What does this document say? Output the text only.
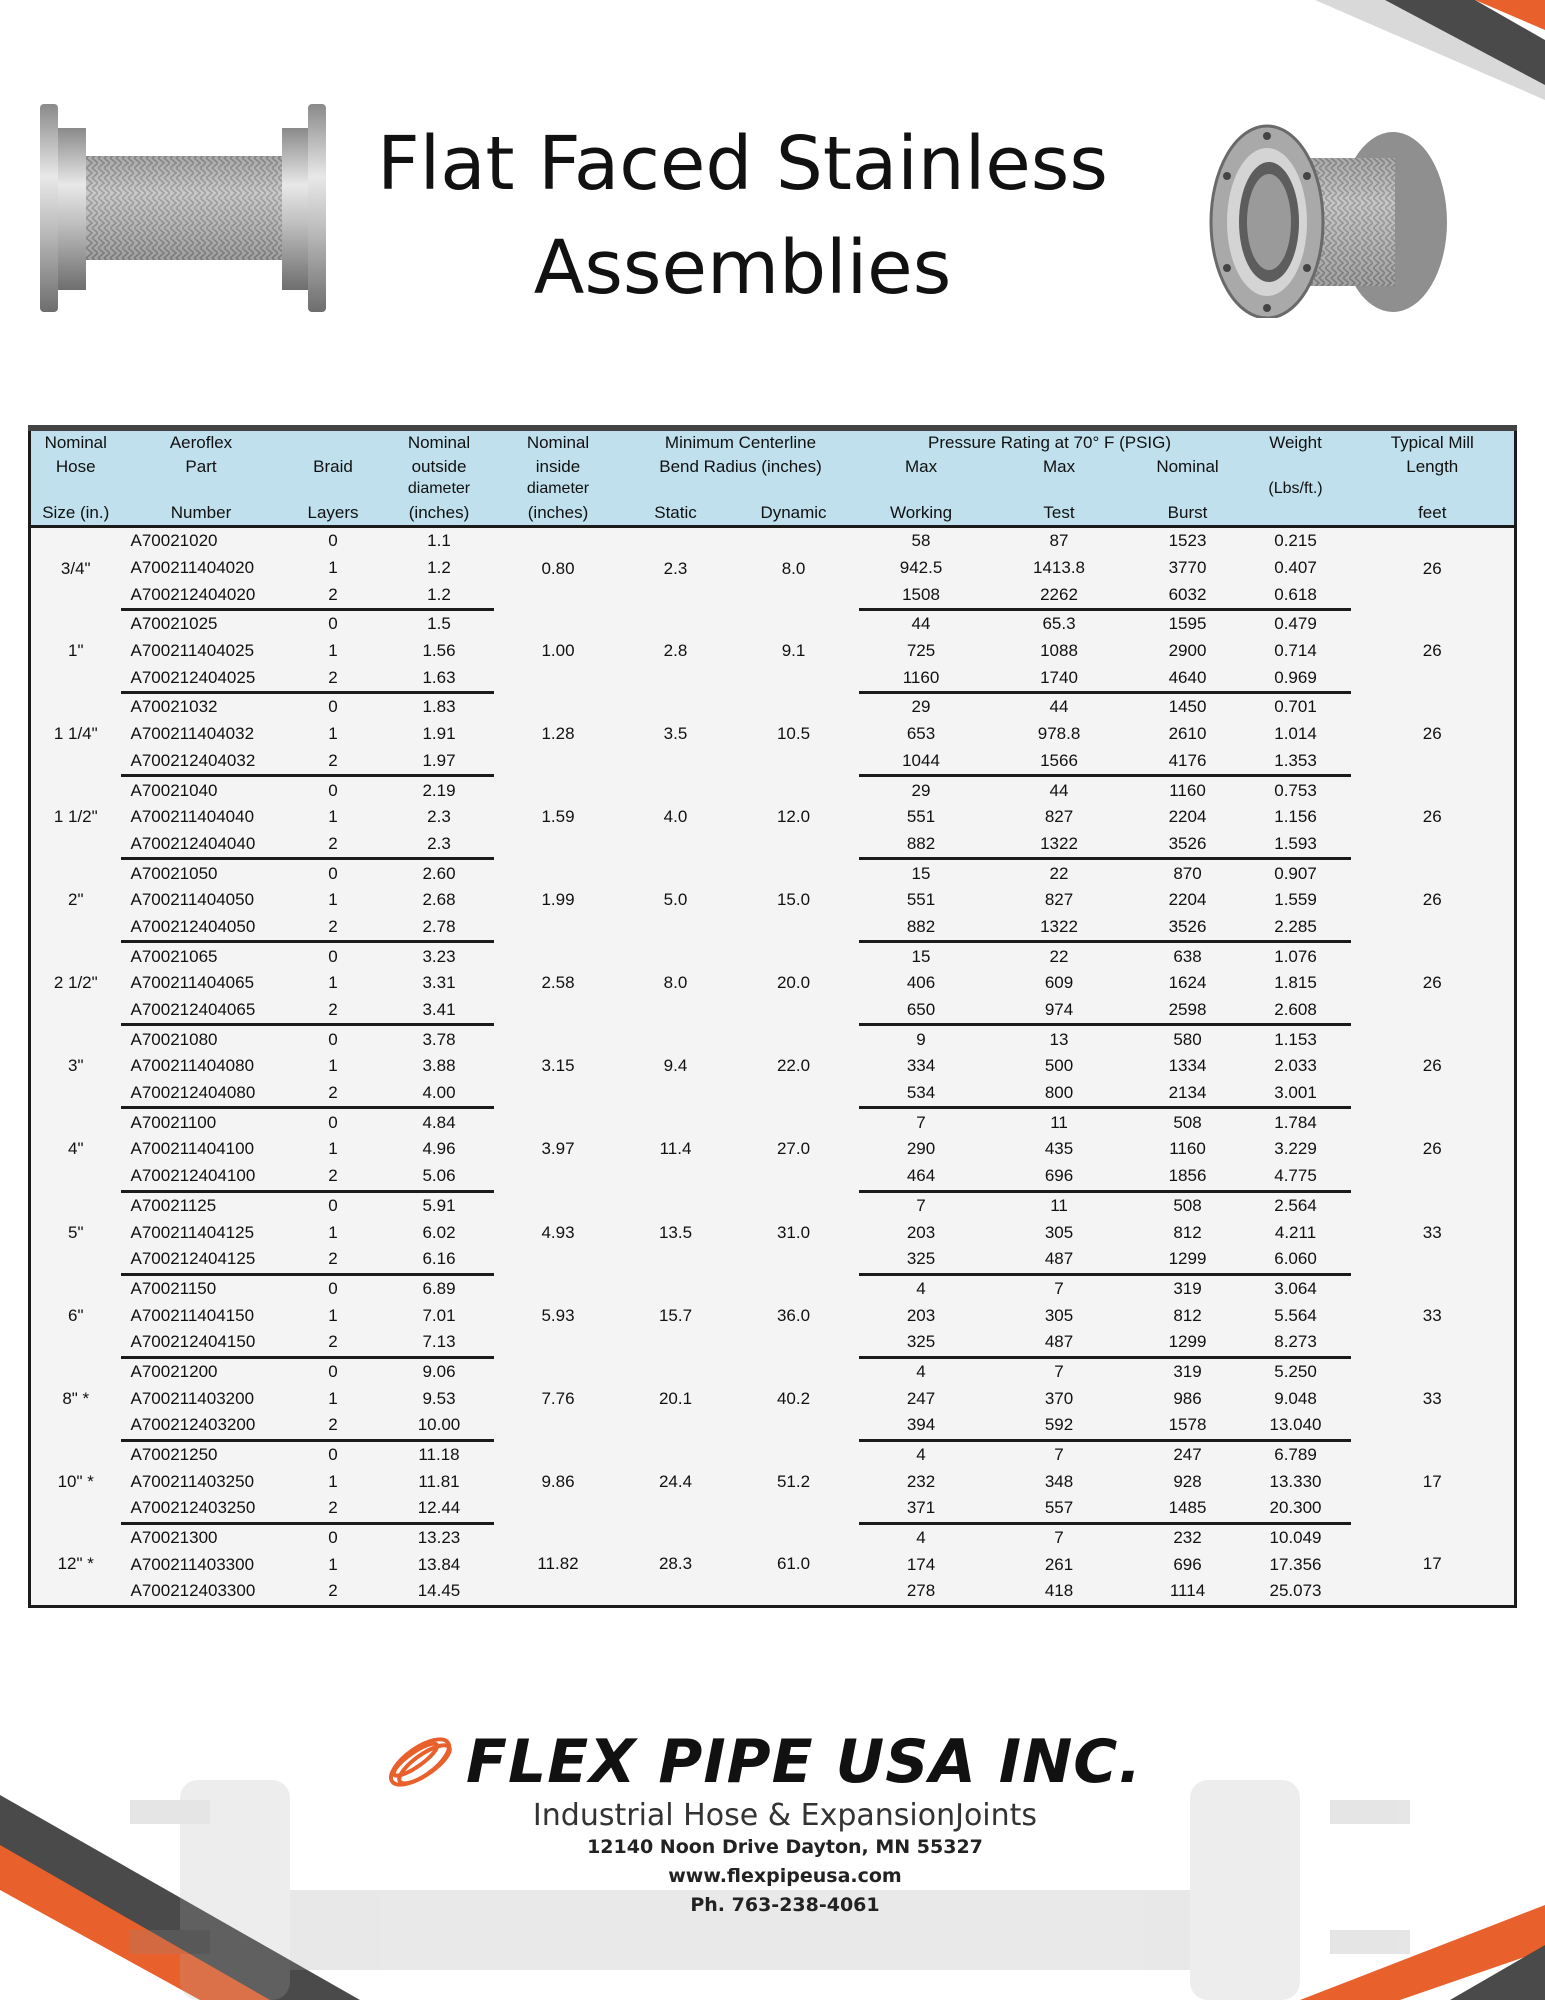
Flat Faced Stainless Assemblies
Nominal	Aeroflex		Nominal	Nominal	Minimum Centerline		Pressure Rating at 70° F (PSIG)			Weight	Typical Mill
Hose	Part	Braid	outside	inside	Bend Radius (inches)		Max	Max	Nominal		Length
			diameter	diameter						(Lbs/ft.)	
Size (in.)	Number	Layers	(inches)	(inches)	Static	Dynamic	Working	Test	Burst		feet
3/4"	A70021020	0	1.1	0.80	2.3	8.0	58	87	1523	0.215	26
	A700211404020	1	1.2				942.5	1413.8	3770	0.407	
	A700212404020	2	1.2				1508	2262	6032	0.618	
1"	A70021025	0	1.5	1.00	2.8	9.1	44	65.3	1595	0.479	26
	A700211404025	1	1.56				725	1088	2900	0.714	
	A700212404025	2	1.63				1160	1740	4640	0.969	
1 1/4"	A70021032	0	1.83	1.28	3.5	10.5	29	44	1450	0.701	26
	A700211404032	1	1.91				653	978.8	2610	1.014	
	A700212404032	2	1.97				1044	1566	4176	1.353	
1 1/2"	A70021040	0	2.19	1.59	4.0	12.0	29	44	1160	0.753	26
	A700211404040	1	2.3				551	827	2204	1.156	
	A700212404040	2	2.3				882	1322	3526	1.593	
2"	A70021050	0	2.60	1.99	5.0	15.0	15	22	870	0.907	26
	A700211404050	1	2.68				551	827	2204	1.559	
	A700212404050	2	2.78				882	1322	3526	2.285	
2 1/2"	A70021065	0	3.23	2.58	8.0	20.0	15	22	638	1.076	26
	A700211404065	1	3.31				406	609	1624	1.815	
	A700212404065	2	3.41				650	974	2598	2.608	
3"	A70021080	0	3.78	3.15	9.4	22.0	9	13	580	1.153	26
	A700211404080	1	3.88				334	500	1334	2.033	
	A700212404080	2	4.00				534	800	2134	3.001	
4"	A70021100	0	4.84	3.97	11.4	27.0	7	11	508	1.784	26
	A700211404100	1	4.96				290	435	1160	3.229	
	A700212404100	2	5.06				464	696	1856	4.775	
5"	A70021125	0	5.91	4.93	13.5	31.0	7	11	508	2.564	33
	A700211404125	1	6.02				203	305	812	4.211	
	A700212404125	2	6.16				325	487	1299	6.060	
6"	A70021150	0	6.89	5.93	15.7	36.0	4	7	319	3.064	33
	A700211404150	1	7.01				203	305	812	5.564	
	A700212404150	2	7.13				325	487	1299	8.273	
8" *	A70021200	0	9.06	7.76	20.1	40.2	4	7	319	5.250	33
	A700211403200	1	9.53				247	370	986	9.048	
	A700212403200	2	10.00				394	592	1578	13.040	
10" *	A70021250	0	11.18	9.86	24.4	51.2	4	7	247	6.789	17
	A700211403250	1	11.81				232	348	928	13.330	
	A700212403250	2	12.44				371	557	1485	20.300	
12" *	A70021300	0	13.23	11.82	28.3	61.0	4	7	232	10.049	17
	A700211403300	1	13.84				174	261	696	17.356	
	A700212403300	2	14.45				278	418	1114	25.073	
FLEX PIPE USA INC.
Industrial Hose & ExpansionJoints
12140 Noon Drive Dayton, MN 55327
www.flexpipeusa.com
Ph. 763-238-4061
